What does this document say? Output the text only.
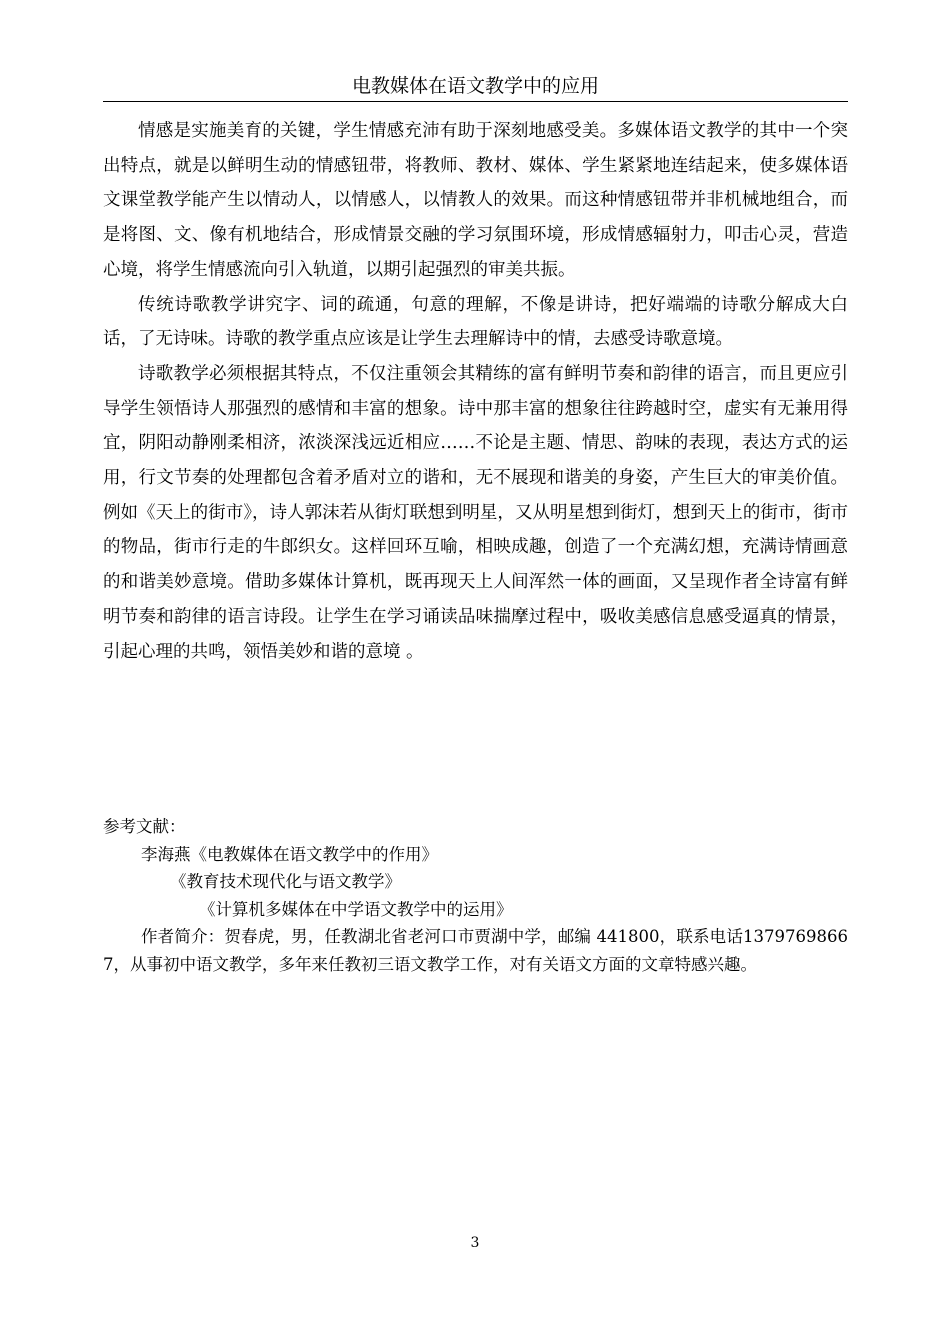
电教媒体在语文教学中的应用

情感是实施美育的关键，学生情感充沛有助于深刻地感受美。多媒体语文教学的其中一个突出特点，就是以鲜明生动的情感钮带，将教师、教材、媒体、学生紧紧地连结起来，使多媒体语文课堂教学能产生以情动人，以情感人，以情教人的效果。而这种情感钮带并非机械地组合，而是将图、文、像有机地结合，形成情景交融的学习氛围环境，形成情感辐射力，叩击心灵，营造心境，将学生情感流向引入轨道，以期引起强烈的审美共振。

传统诗歌教学讲究字、词的疏通，句意的理解，不像是讲诗，把好端端的诗歌分解成大白话，了无诗味。诗歌的教学重点应该是让学生去理解诗中的情，去感受诗歌意境。

诗歌教学必须根据其特点，不仅注重领会其精练的富有鲜明节奏和韵律的语言，而且更应引导学生领悟诗人那强烈的感情和丰富的想象。诗中那丰富的想象往往跨越时空，虚实有无兼用得宜，阴阳动静刚柔相济，浓淡深浅远近相应……不论是主题、情思、韵味的表现，表达方式的运用，行文节奏的处理都包含着矛盾对立的谐和，无不展现和谐美的身姿，产生巨大的审美价值。例如《天上的街市》，诗人郭沫若从街灯联想到明星，又从明星想到街灯，想到天上的街市，街市的物品，街市行走的牛郎织女。这样回环互喻，相映成趣，创造了一个充满幻想，充满诗情画意的和谐美妙意境。借助多媒体计算机，既再现天上人间浑然一体的画面，又呈现作者全诗富有鲜明节奏和韵律的语言诗段。让学生在学习诵读品味揣摩过程中，吸收美感信息感受逼真的情景，引起心理的共鸣，领悟美妙和谐的意境 。

参考文献：

李海燕《电教媒体在语文教学中的作用》

《教育技术现代化与语文教学》

《计算机多媒体在中学语文教学中的运用》

作者简介：贺春虎，男，任教湖北省老河口市贾湖中学，邮编 441800，联系电话13797698667，从事初中语文教学，多年来任教初三语文教学工作，对有关语文方面的文章特感兴趣。

3
